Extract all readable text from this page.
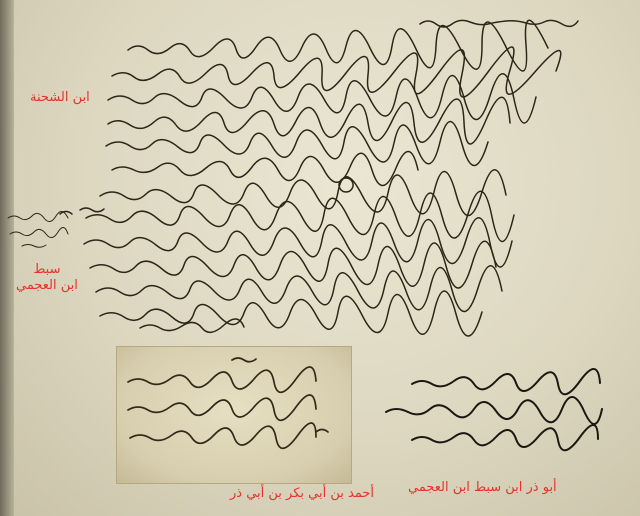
ابن الشحنة
سبط
ابن العجمي
أحمد بن أبي بكر بن أبي ذر	أبو ذر ابن سبط ابن العجمي
